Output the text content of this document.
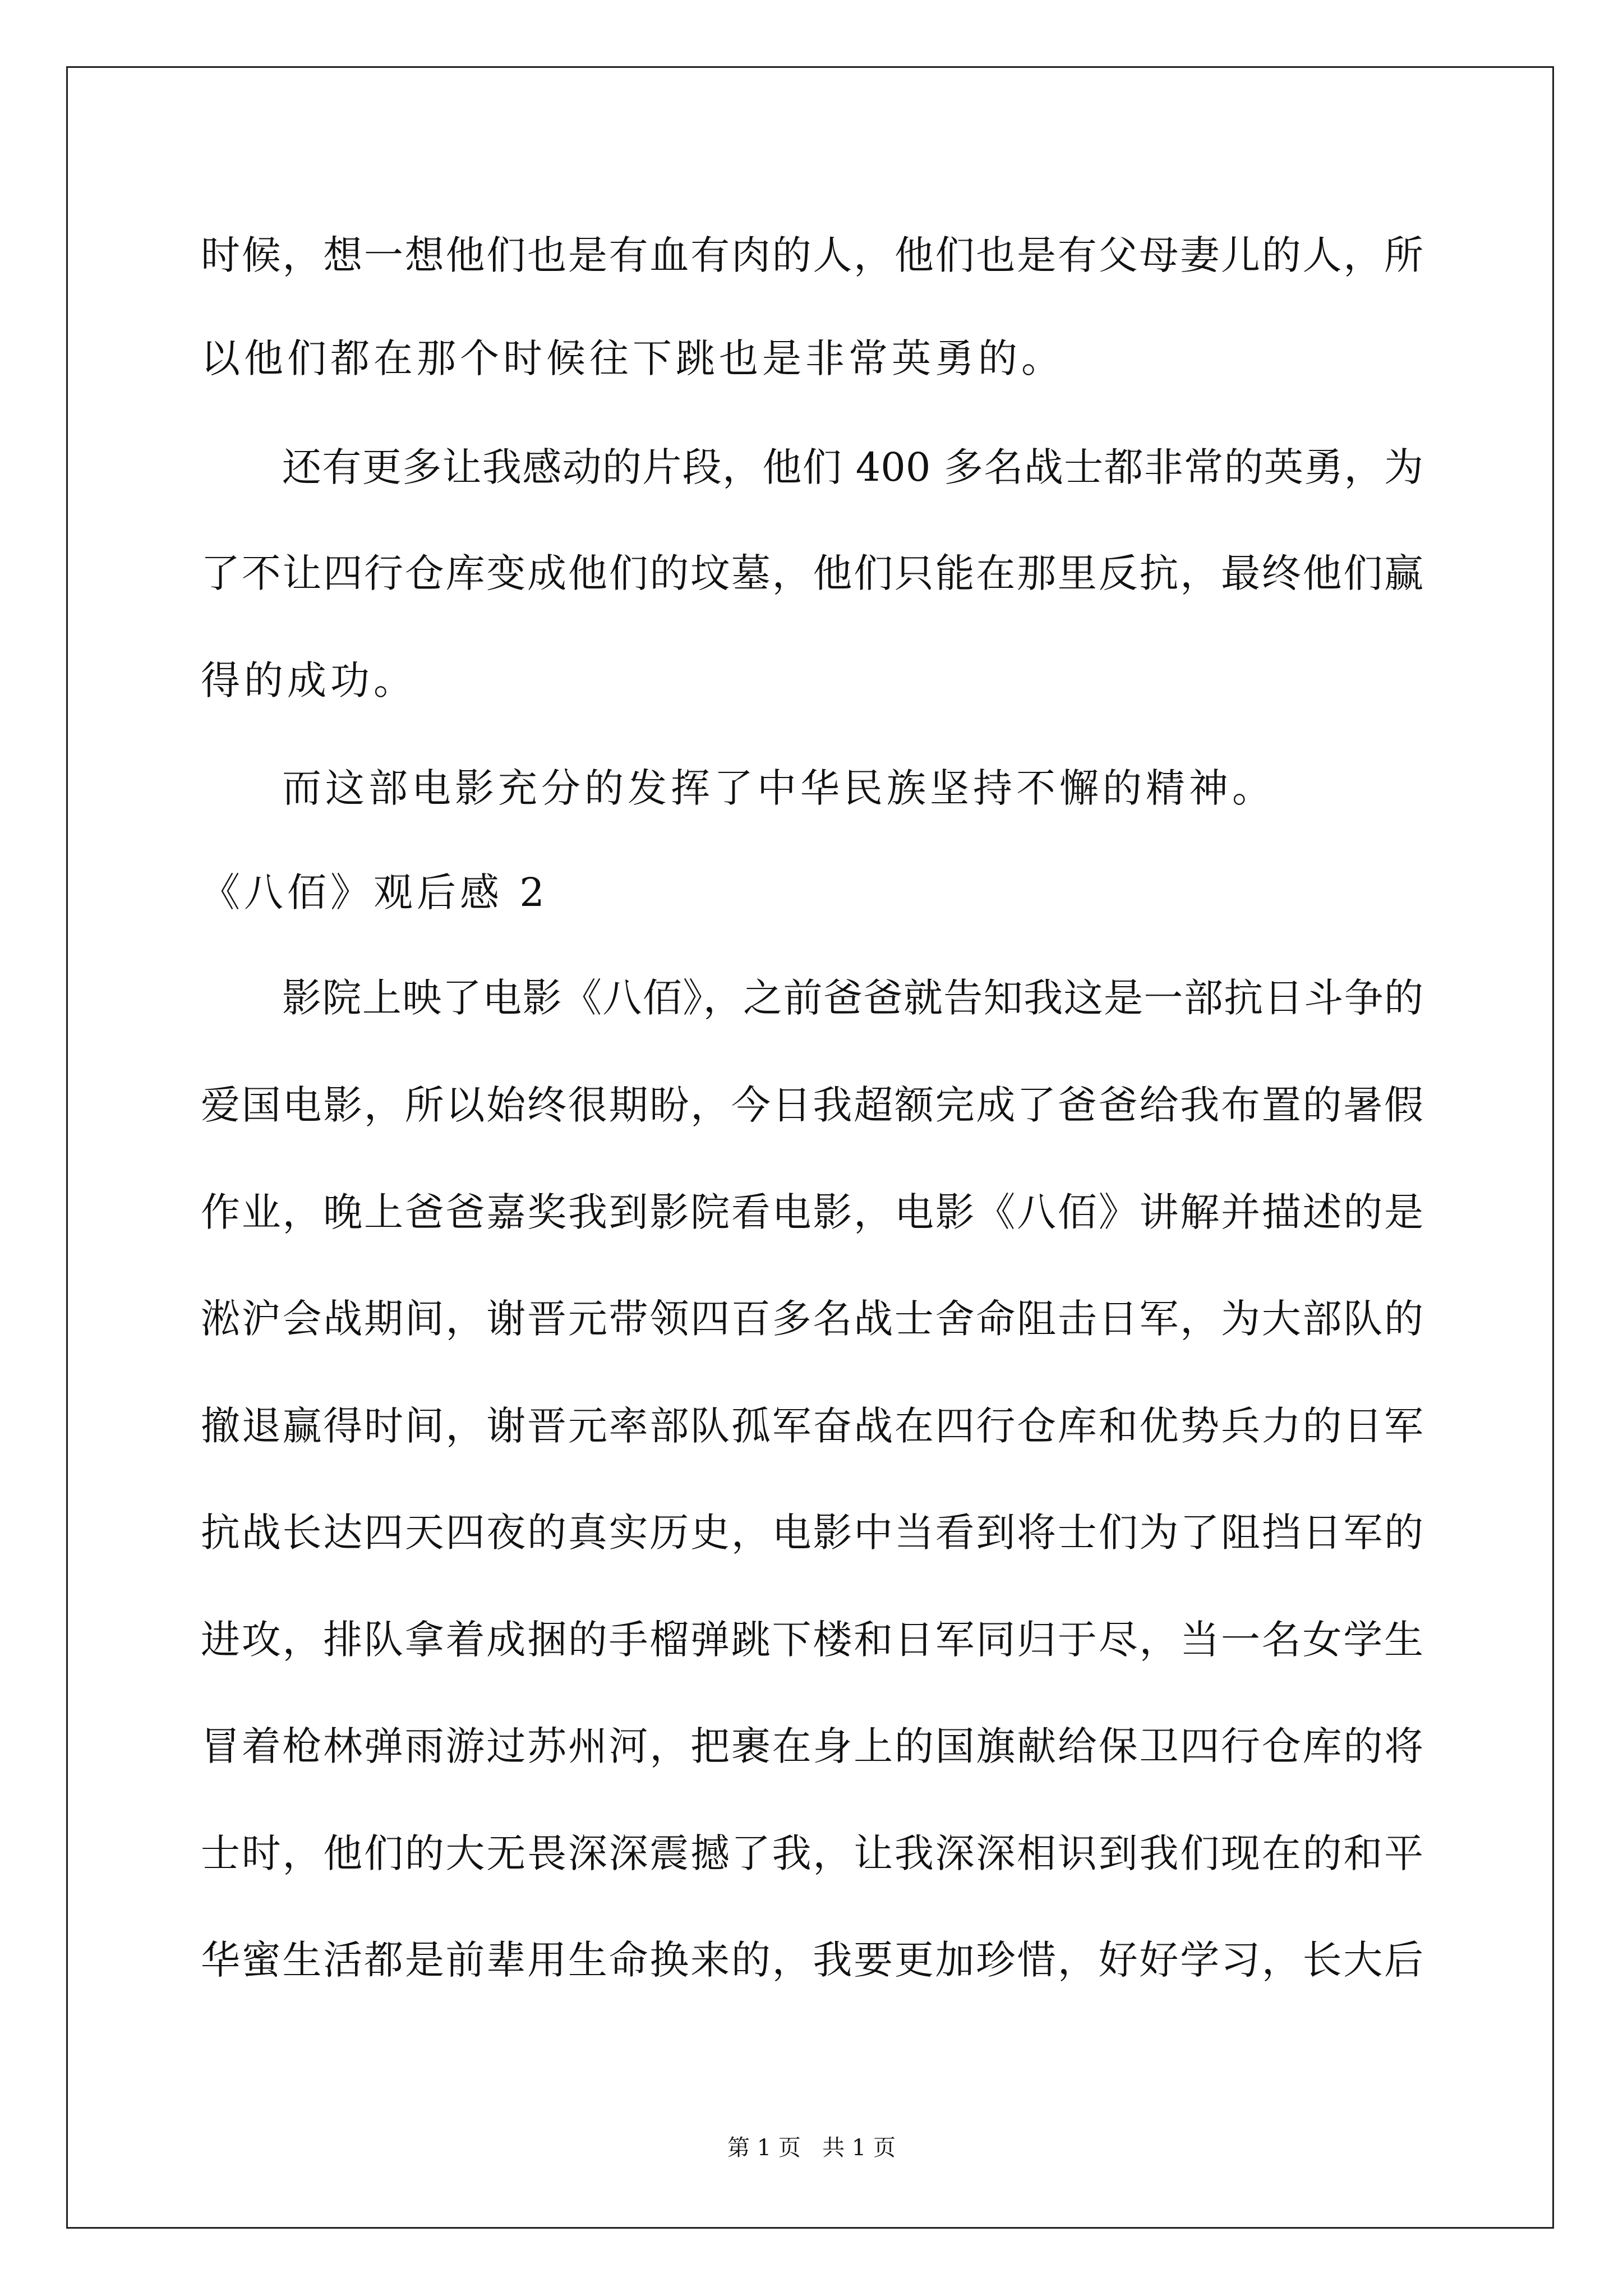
时候，想一想他们也是有血有肉的人，他们也是有父母妻儿的人，所
以他们都在那个时候往下跳也是非常英勇的。
还有更多让我感动的片段，他们 400 多名战士都非常的英勇，为
了不让四行仓库变成他们的坟墓，他们只能在那里反抗，最终他们赢
得的成功。
而这部电影充分的发挥了中华民族坚持不懈的精神。
《八佰》观后感 2
影院上映了电影《八佰》，之前爸爸就告知我这是一部抗日斗争的
爱国电影，所以始终很期盼，今日我超额完成了爸爸给我布置的暑假
作业，晚上爸爸嘉奖我到影院看电影，电影《八佰》讲解并描述的是
淞沪会战期间，谢晋元带领四百多名战士舍命阻击日军，为大部队的
撤退赢得时间，谢晋元率部队孤军奋战在四行仓库和优势兵力的日军
抗战长达四天四夜的真实历史，电影中当看到将士们为了阻挡日军的
进攻，排队拿着成捆的手榴弹跳下楼和日军同归于尽，当一名女学生
冒着枪林弹雨游过苏州河，把裹在身上的国旗献给保卫四行仓库的将
士时，他们的大无畏深深震撼了我，让我深深相识到我们现在的和平
华蜜生活都是前辈用生命换来的，我要更加珍惜，好好学习，长大后
第 1 页   共 1 页
